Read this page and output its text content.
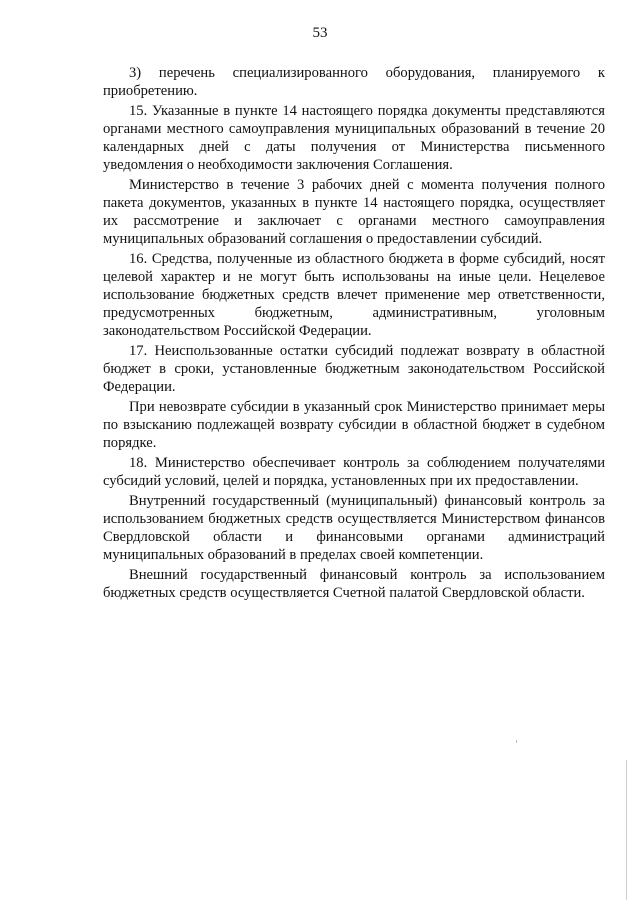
53

3) перечень специализированного оборудования, планируемого к приобретению.

15. Указанные в пункте 14 настоящего порядка документы представляются органами местного самоуправления муниципальных образований в течение 20 календарных дней с даты получения от Министерства письменного уведомления о необходимости заключения Соглашения.

Министерство в течение 3 рабочих дней с момента получения полного пакета документов, указанных в пункте 14 настоящего порядка, осуществляет их рассмотрение и заключает с органами местного самоуправления муниципальных образований соглашения о предоставлении субсидий.

16. Средства, полученные из областного бюджета в форме субсидий, носят целевой характер и не могут быть использованы на иные цели. Нецелевое использование бюджетных средств влечет применение мер ответственности, предусмотренных бюджетным, административным, уголовным законодательством Российской Федерации.

17. Неиспользованные остатки субсидий подлежат возврату в областной бюджет в сроки, установленные бюджетным законодательством Российской Федерации.

При невозврате субсидии в указанный срок Министерство принимает меры по взысканию подлежащей возврату субсидии в областной бюджет в судебном порядке.

18. Министерство обеспечивает контроль за соблюдением получателями субсидий условий, целей и порядка, установленных при их предоставлении.

Внутренний государственный (муниципальный) финансовый контроль за использованием бюджетных средств осуществляется Министерством финансов Свердловской области и финансовыми органами администраций муниципальных образований в пределах своей компетенции.

Внешний государственный финансовый контроль за использованием бюджетных средств осуществляется Счетной палатой Свердловской области.
